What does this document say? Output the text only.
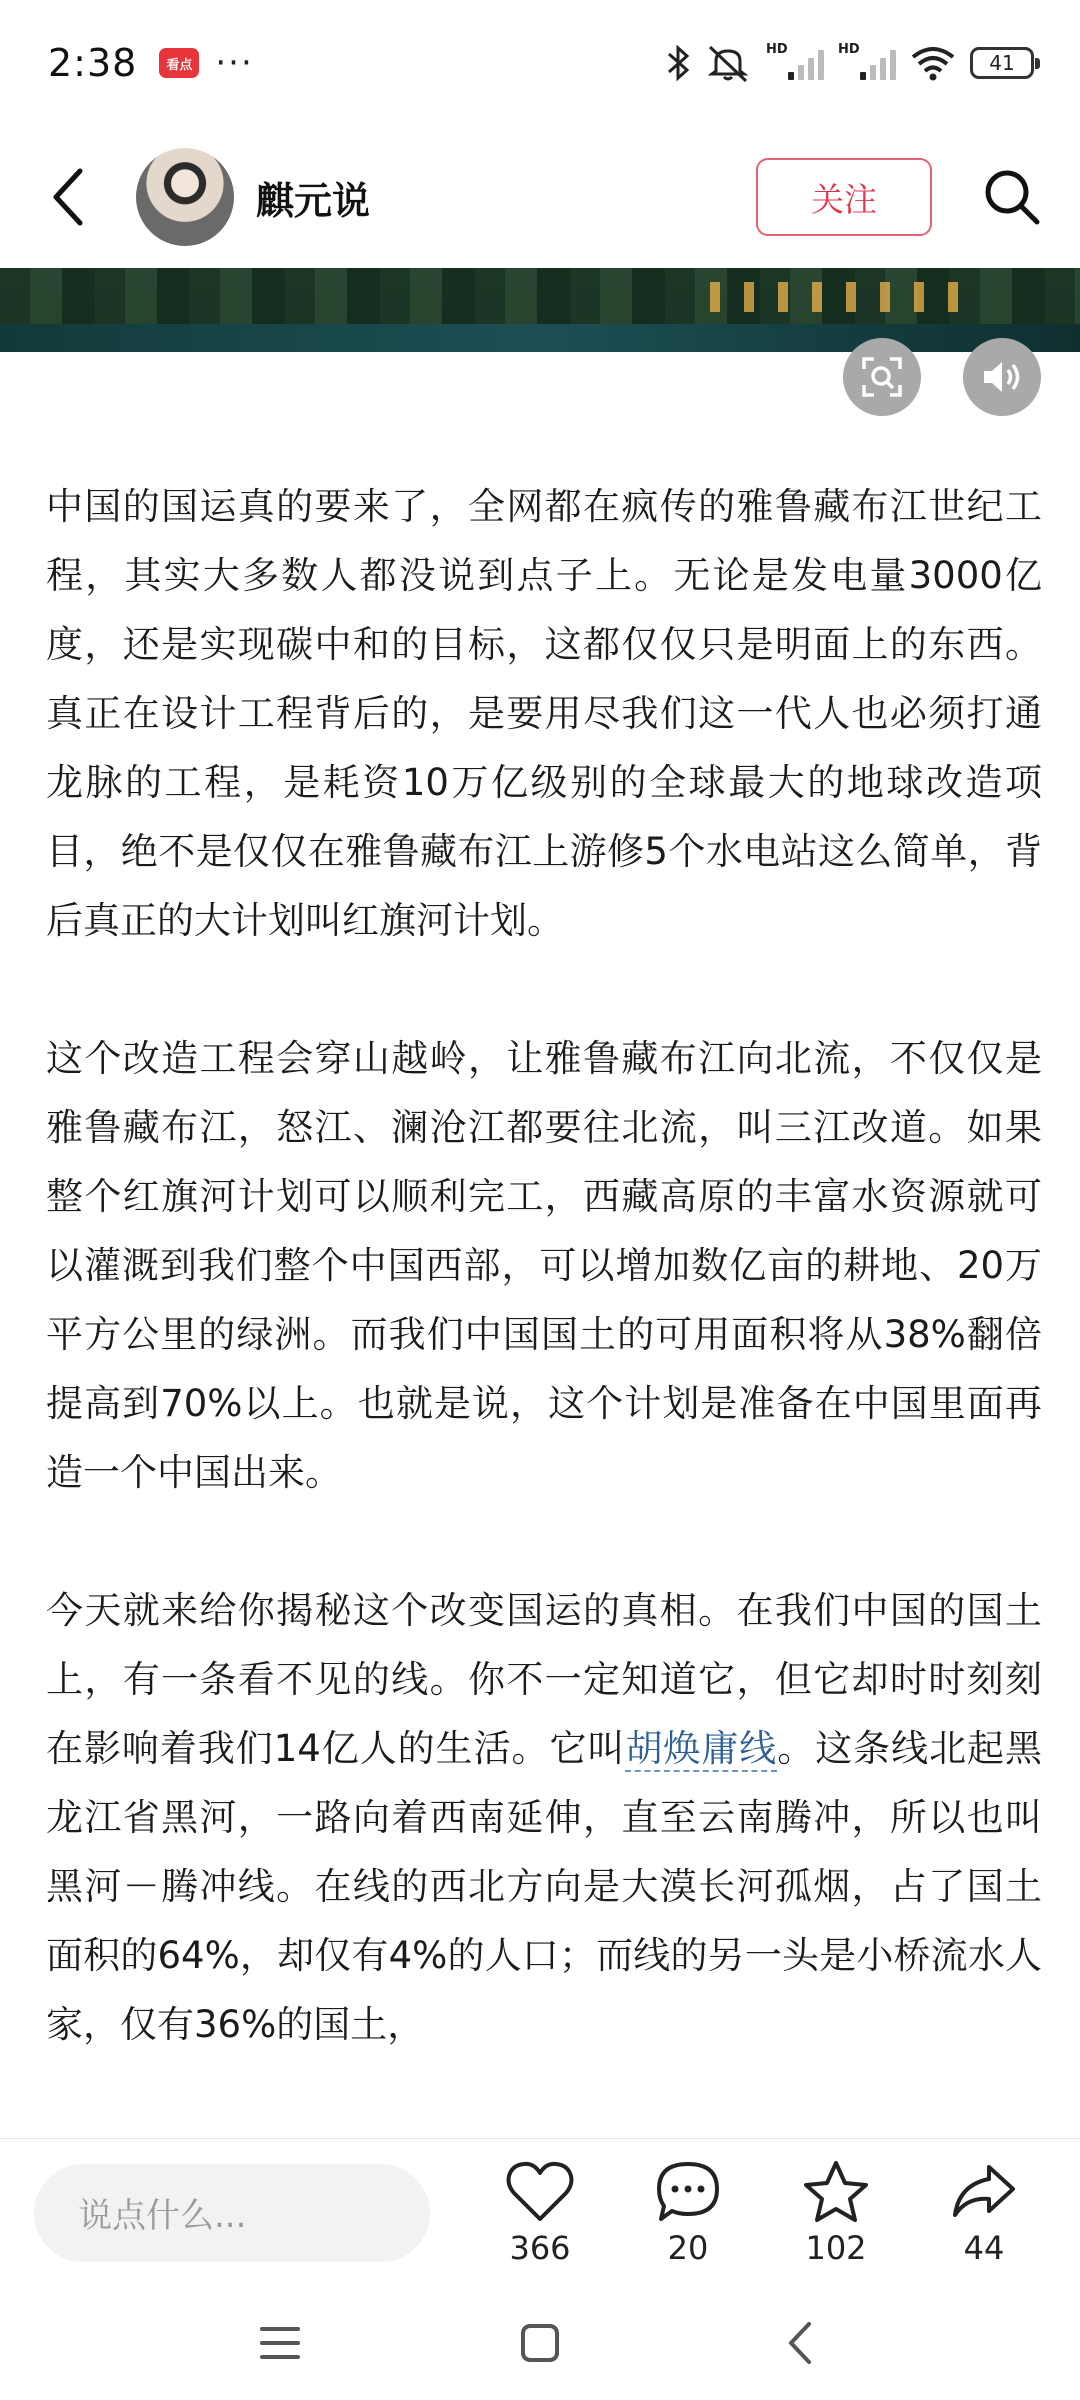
2:38	看点 ···	HD	HD
41
麒元说	关注

中国的国运真的要来了，全网都在疯传的雅鲁藏布江世纪工程，其实大多数人都没说到点子上。无论是发电量3000亿度，还是实现碳中和的目标，这都仅仅只是明面上的东西。真正在设计工程背后的，是要用尽我们这一代人也必须打通龙脉的工程，是耗资10万亿级别的全球最大的地球改造项目，绝不是仅仅在雅鲁藏布江上游修5个水电站这么简单，背后真正的大计划叫红旗河计划。

这个改造工程会穿山越岭，让雅鲁藏布江向北流，不仅仅是雅鲁藏布江，怒江、澜沧江都要往北流，叫三江改道。如果整个红旗河计划可以顺利完工，西藏高原的丰富水资源就可以灌溉到我们整个中国西部，可以增加数亿亩的耕地、20万平方公里的绿洲。而我们中国国土的可用面积将从38%翻倍提高到70%以上。也就是说，这个计划是准备在中国里面再造一个中国出来。

今天就来给你揭秘这个改变国运的真相。在我们中国的国土上，有一条看不见的线。你不一定知道它，但它却时时刻刻在影响着我们14亿人的生活。它叫胡焕庸线。这条线北起黑龙江省黑河，一路向着西南延伸，直至云南腾冲，所以也叫黑河－腾冲线。在线的西北方向是大漠长河孤烟，占了国土面积的64%，却仅有4%的人口；而线的另一头是小桥流水人家，仅有36%的国土，

说点什么...
366	20	102	44
